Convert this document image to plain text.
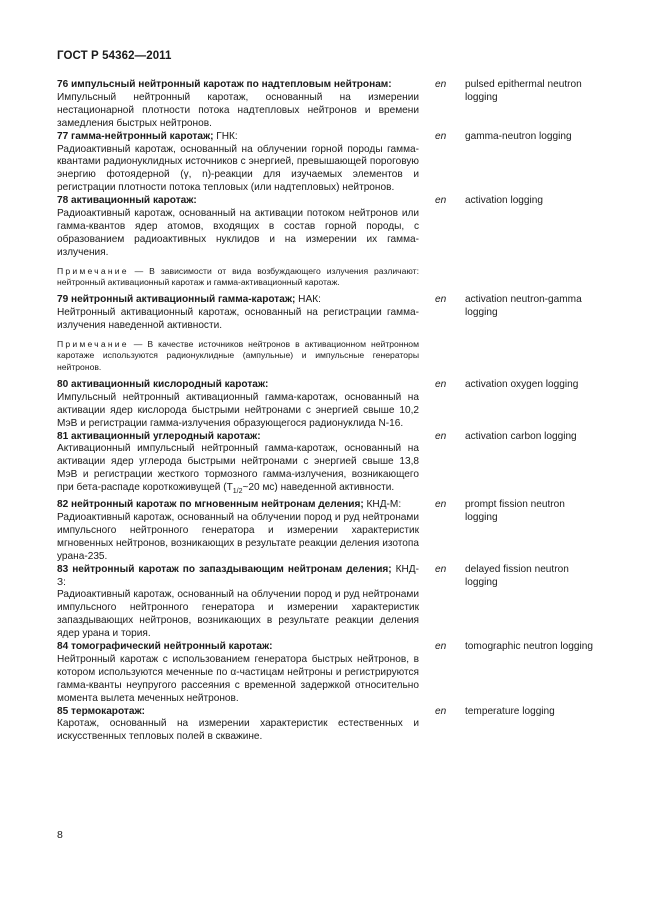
ГОСТ Р 54362—2011
76 импульсный нейтронный каротаж по надтепловым нейтронам:
Импульсный нейтронный каротаж, основанный на измерении нестационарной плотности потока надтепловых нейтронов и времени замедления быстрых нейтронов.
en pulsed epithermal neutron logging
77 гамма-нейтронный каротаж; ГНК:
Радиоактивный каротаж, основанный на облучении горной породы гамма-квантами радионуклидных источников с энергией, превышающей пороговую энергию фотоядерной (γ, n)-реакции для изучаемых элементов и регистрации плотности потока тепловых (или надтепловых) нейтронов.
en gamma-neutron logging
78 активационный каротаж:
Радиоактивный каротаж, основанный на активации потоком нейтронов или гамма-квантов ядер атомов, входящих в состав горной породы, с образованием радиоактивных нуклидов и на измерении их гамма-излучения.
en activation logging
Примечание — В зависимости от вида возбуждающего излучения различают: нейтронный активационный каротаж и гамма-активационный каротаж.
79 нейтронный активационный гамма-каротаж; НАК:
Нейтронный активационный каротаж, основанный на регистрации гамма-излучения наведенной активности.
en activation neutron-gamma logging
Примечание — В качестве источников нейтронов в активационном нейтронном каротаже используются радионуклидные (ампульные) и импульсные генераторы нейтронов.
80 активационный кислородный каротаж:
Импульсный нейтронный активационный гамма-каротаж, основанный на активации ядер кислорода быстрыми нейтронами с энергией свыше 10,2 МэВ и регистрации гамма-излучения образующегося радионуклида N-16.
en activation oxygen logging
81 активационный углеродный каротаж:
Активационный импульсный нейтронный гамма-каротаж, основанный на активации ядер углерода быстрыми нейтронами с энергией свыше 13,8 МэВ и регистрации жесткого тормозного гамма-излучения, возникающего при бета-распаде короткоживущей ($T_{1/2}\sim 20$ мс) наведенной активности.
en activation carbon logging
82 нейтронный каротаж по мгновенным нейтронам деления; КНД-М:
Радиоактивный каротаж, основанный на облучении пород и руд нейтронами импульсного нейтронного генератора и измерении характеристик мгновенных нейтронов, возникающих в результате реакции деления изотопа урана-235.
en prompt fission neutron logging
83 нейтронный каротаж по запаздывающим нейтронам деления; КНД-З:
Радиоактивный каротаж, основанный на облучении пород и руд нейтронами импульсного нейтронного генератора и измерении характеристик запаздывающих нейтронов, возникающих в результате реакции деления ядер урана и тория.
en delayed fission neutron logging
84 томографический нейтронный каротаж:
Нейтронный каротаж с использованием генератора быстрых нейтронов, в котором используются меченные по α-частицам нейтроны и регистрируются гамма-кванты неупругого рассеяния с временной задержкой относительно момента вылета меченных нейтронов.
en tomographic neutron logging
85 термокаротаж:
Каротаж, основанный на измерении характеристик естественных и искусственных тепловых полей в скважине.
en temperature logging
8
